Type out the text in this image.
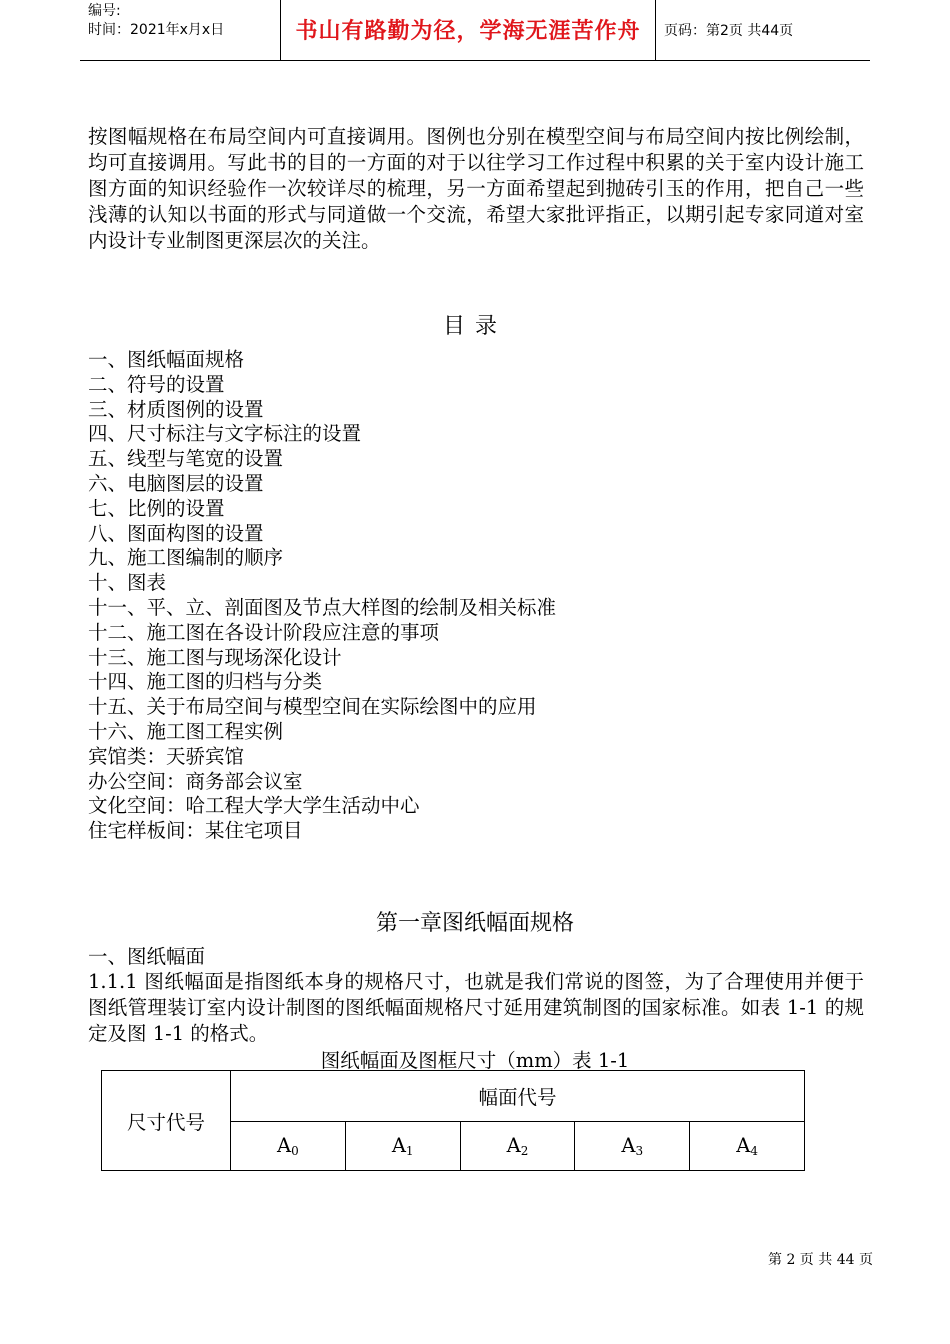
编号:
时间：2021年x月x日	书山有路勤为径，学海无涯苦作舟	页码：第2页 共44页

按图幅规格在布局空间内可直接调用。图例也分别在模型空间与布局空间内按比例绘制，均可直接调用。写此书的目的一方面的对于以往学习工作过程中积累的关于室内设计施工图方面的知识经验作一次较详尽的梳理，另一方面希望起到抛砖引玉的作用，把自己一些浅薄的认知以书面的形式与同道做一个交流，希望大家批评指正，以期引起专家同道对室内设计专业制图更深层次的关注。

目录
一、图纸幅面规格
二、符号的设置
三、材质图例的设置
四、尺寸标注与文字标注的设置
五、线型与笔宽的设置
六、电脑图层的设置
七、比例的设置
八、图面构图的设置
九、施工图编制的顺序
十、图表
十一、平、立、剖面图及节点大样图的绘制及相关标准
十二、施工图在各设计阶段应注意的事项
十三、施工图与现场深化设计
十四、施工图的归档与分类
十五、关于布局空间与模型空间在实际绘图中的应用
十六、施工图工程实例
宾馆类：天骄宾馆
办公空间：商务部会议室
文化空间：哈工程大学大学生活动中心
住宅样板间：某住宅项目
第一章图纸幅面规格

一、图纸幅面

1.1.1 图纸幅面是指图纸本身的规格尺寸，也就是我们常说的图签，为了合理使用并便于图纸管理装订室内设计制图的图纸幅面规格尺寸延用建筑制图的国家标准。如表 1-1 的规定及图 1-1 的格式。

图纸幅面及图框尺寸（mm）表 1-1
尺寸代号	幅面代号				
	$A_0$	$A_1$	$A_2$	$A_3$	$A_4$
第 2 页 共 44 页
